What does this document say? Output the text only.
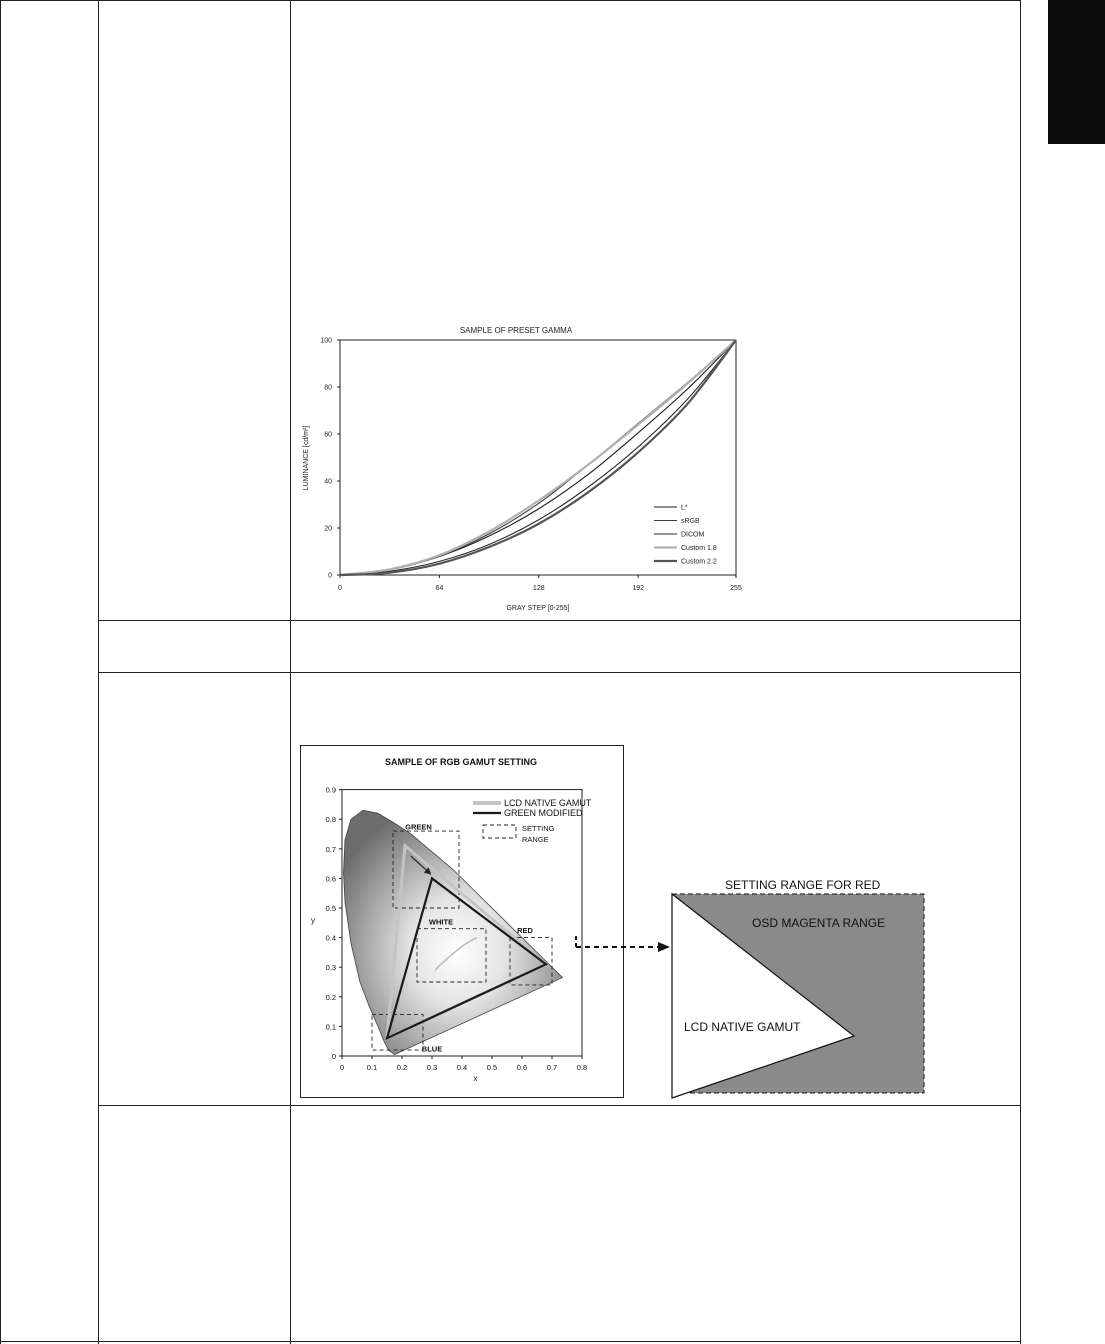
SAMPLE OF PRESET GAMMA
0
20
40
60
80
100
0	64	128	192	255
L*
sRGB
DICOM
Custom 1.8
Custom 2.2
GRAY STEP [0-255]
LUMINANCE [cd/m²]
SAMPLE OF RGB GAMUT SETTING
0
0.1
0.2
0.3
0.4
0.5
0.6
0.7
0.8
0.9
0	0.1	0.2	0.3	0.4	0.5	0.6	0.7	0.8
GREEN
WHITE
RED
BLUE
LCD NATIVE GAMUT
GREEN MODIFIED
SETTING
RANGE
x
y
SETTING RANGE FOR RED
OSD MAGENTA RANGE
LCD NATIVE GAMUT
